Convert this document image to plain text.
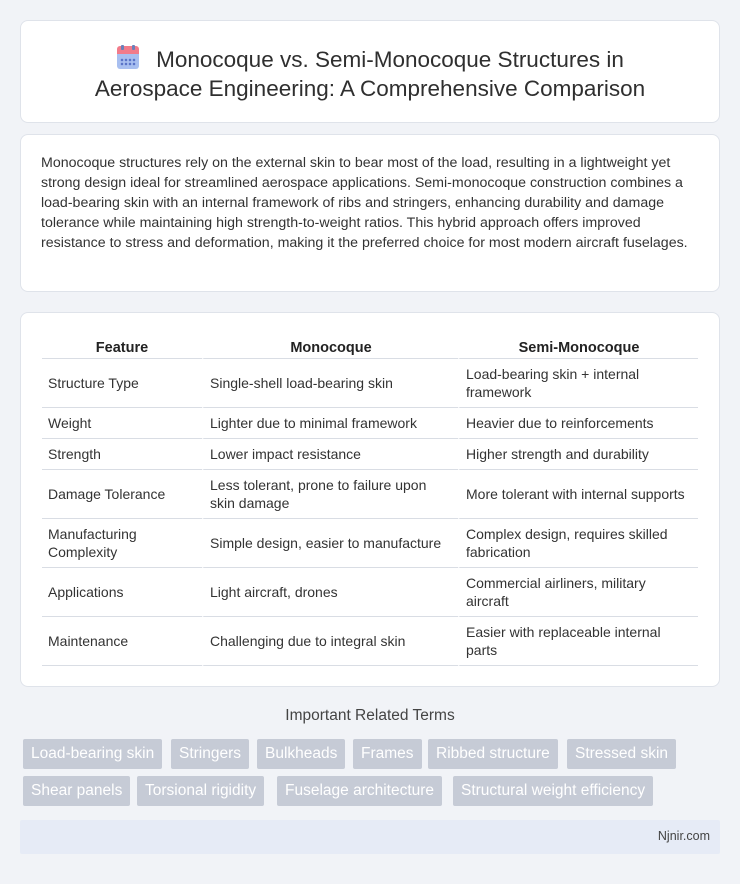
Monocoque vs. Semi-Monocoque Structures in
Aerospace Engineering: A Comprehensive Comparison

Monocoque structures rely on the external skin to bear most of the load, resulting in a lightweight yet strong design ideal for streamlined aerospace applications. Semi-monocoque construction combines a load-bearing skin with an internal framework of ribs and stringers, enhancing durability and damage tolerance while maintaining high strength-to-weight ratios. This hybrid approach offers improved resistance to stress and deformation, making it the preferred choice for most modern aircraft fuselages.

Feature	Monocoque	Semi-Monocoque
Structure Type	Single-shell load-bearing skin	Load-bearing skin + internal framework
Weight	Lighter due to minimal framework	Heavier due to reinforcements
Strength	Lower impact resistance	Higher strength and durability
Damage Tolerance	Less tolerant, prone to failure upon skin damage	More tolerant with internal supports
Manufacturing Complexity	Simple design, easier to manufacture	Complex design, requires skilled fabrication
Applications	Light aircraft, drones	Commercial airliners, military aircraft
Maintenance	Challenging due to integral skin	Easier with replaceable internal parts
Important Related Terms
Load-bearing skin	Stringers	Bulkheads	Frames	Ribbed structure	Stressed skin
Shear panels	Torsional rigidity	Fuselage architecture	Structural weight efficiency
Njnir.com
